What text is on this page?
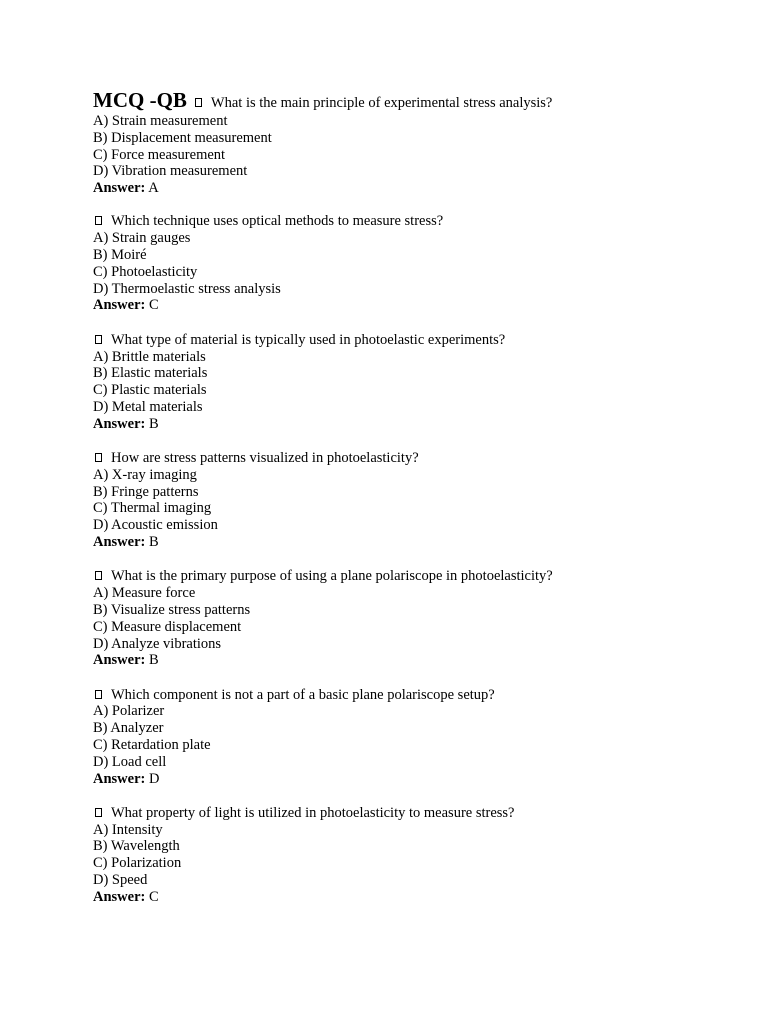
MCQ -QB What is the main principle of experimental stress analysis?
A) Strain measurement
B) Displacement measurement
C) Force measurement
D) Vibration measurement
Answer: A
Which technique uses optical methods to measure stress?
A) Strain gauges
B) Moiré
C) Photoelasticity
D) Thermoelastic stress analysis
Answer: C
What type of material is typically used in photoelastic experiments?
A) Brittle materials
B) Elastic materials
C) Plastic materials
D) Metal materials
Answer: B
How are stress patterns visualized in photoelasticity?
A) X-ray imaging
B) Fringe patterns
C) Thermal imaging
D) Acoustic emission
Answer: B
What is the primary purpose of using a plane polariscope in photoelasticity?
A) Measure force
B) Visualize stress patterns
C) Measure displacement
D) Analyze vibrations
Answer: B
Which component is not a part of a basic plane polariscope setup?
A) Polarizer
B) Analyzer
C) Retardation plate
D) Load cell
Answer: D
What property of light is utilized in photoelasticity to measure stress?
A) Intensity
B) Wavelength
C) Polarization
D) Speed
Answer: C
